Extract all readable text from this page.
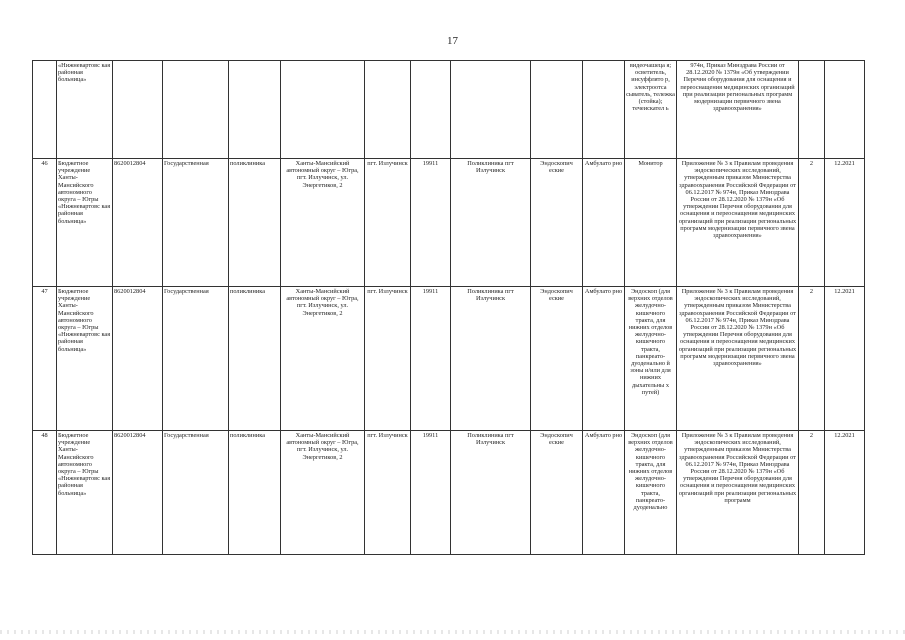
17
	«Нижневартовс кая районная больница»										видеочашеца я; осветитель, инсуффлято р, электроотса сыватель, тележка (стойка); течеискател ь	974н, Приказ Минздрава России от 28.12.2020 № 1379н «Об утверждении Перечня оборудования для оснащения и переоснащения медицинских организаций при реализации региональных программ модернизации первичного звена здравоохранения»		
46	Бюджетное учреждение Ханты-Мансийского автономного округа – Югры «Нижневартовс кая районная больница»	8620012804	Государственная	поликлиника	Ханты-Мансийский автономный округ – Югра, пгт. Излучинск, ул. Энергетиков, 2	пгт. Излучинск	19911	Поликлиника пгт Излучинск	Эндоскопич еские	Амбулато рно	Монитор	Приложение № 3 к Правилам проведения эндоскопических исследований, утвержденным приказом Министерства здравоохранения Российской Федерации от 06.12.2017 № 974н, Приказ Минздрава России от 28.12.2020 № 1379н «Об утверждении Перечня оборудования для оснащения и переоснащения медицинских организаций при реализации региональных программ модернизации первичного звена здравоохранения»	2	12.2021
47	Бюджетное учреждение Ханты-Мансийского автономного округа – Югры «Нижневартовс кая районная больница»	8620012804	Государственная	поликлиника	Ханты-Мансийский автономный округ – Югра, пгт. Излучинск, ул. Энергетиков, 2	пгт. Излучинск	19911	Поликлиника пгт Излучинск	Эндоскопич еские	Амбулато рно	Эндоскоп (для верхних отделов желудочно-кишечного тракта, для нижних отделов желудочно-кишечного тракта, панкреато-дуоденально й зоны и/или для нижних дыхательны х путей)	Приложение № 3 к Правилам проведения эндоскопических исследований, утвержденным приказом Министерства здравоохранения Российской Федерации от 06.12.2017 № 974н, Приказ Минздрава России от 28.12.2020 № 1379н «Об утверждении Перечня оборудования для оснащения и переоснащения медицинских организаций при реализации региональных программ модернизации первичного звена здравоохранения»	2	12.2021
48	Бюджетное учреждение Ханты-Мансийского автономного округа – Югры «Нижневартовс кая районная больница»	8620012804	Государственная	поликлиника	Ханты-Мансийский автономный округ – Югра, пгт. Излучинск, ул. Энергетиков, 2	пгт. Излучинск	19911	Поликлиника пгт Излучинск	Эндоскопич еские	Амбулато рно	Эндоскоп (для верхних отделов желудочно-кишечного тракта, для нижних отделов желудочно-кишечного тракта, панкреато-дуоденально	Приложение № 3 к Правилам проведения эндоскопических исследований, утвержденным приказом Министерства здравоохранения Российской Федерации от 06.12.2017 № 974н, Приказ Минздрава России от 28.12.2020 № 1379н «Об утверждении Перечня оборудования для оснащения и переоснащения медицинских организаций при реализации региональных программ	2	12.2021
